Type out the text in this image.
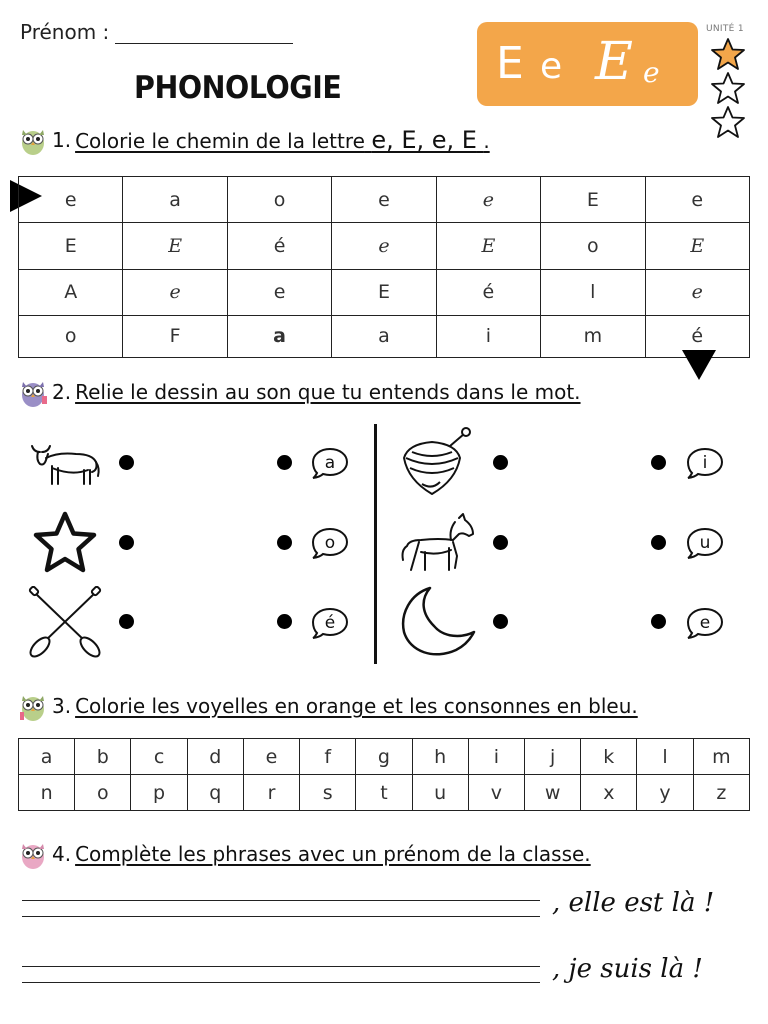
Prénom :
PHONOLOGIE	E e E e
UNITÉ 1
1. Colorie le chemin de la lettre e, E, e, E .
e	a	o	e	e	E	e
E	E	é	e	E	o	E
A	e	e	E	é	l	e
o	F	a	a	i	m	é
2. Relie le dessin au son que tu entends dans le mot.
a
o
é
i
u
e
3. Colorie les voyelles en orange et les consonnes en bleu.
a	b	c	d	e	f	g	h	i	j	k	l	m
n	o	p	q	r	s	t	u	v	w	x	y	z
4. Complète les phrases avec un prénom de la classe.
, elle est là !
, je suis là !
